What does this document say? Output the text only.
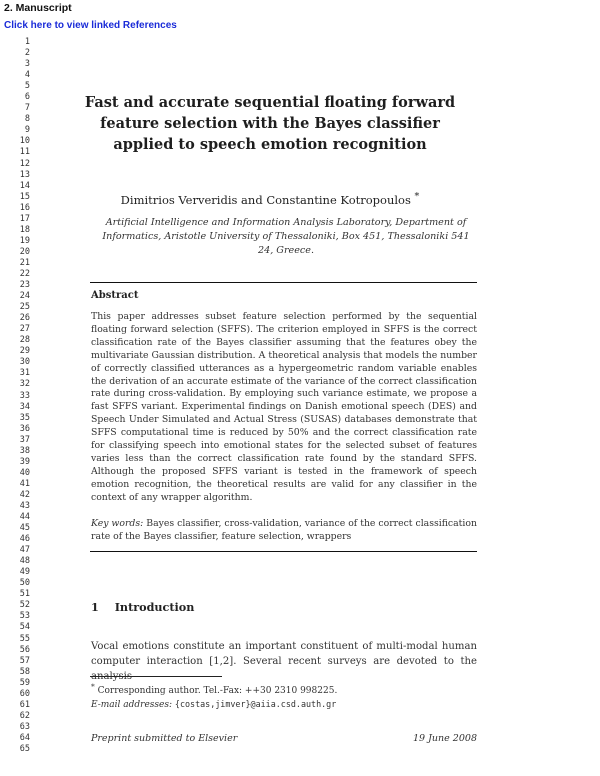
2. Manuscript
Click here to view linked References
1
2
3
4
5
6
7
8
9
10
11
12
13
14
15
16
17
18
19
20
21
22
23
24
25
26
27
28
29
30
31
32
33
34
35
36
37
38
39
40
41
42
43
44
45
46
47
48
49
50
51
52
53
54
55
56
57
58
59
60
61
62
63
64
65
Fast and accurate sequential floating forward
feature selection with the Bayes classifier
applied to speech emotion recognition
Dimitrios Ververidis and Constantine Kotropoulos *
Artificial Intelligence and Information Analysis Laboratory, Department of Informatics, Aristotle University of Thessaloniki, Box 451, Thessaloniki 541 24, Greece.
Abstract
This paper addresses subset feature selection performed by the sequential floating forward selection (SFFS). The criterion employed in SFFS is the correct classification rate of the Bayes classifier assuming that the features obey the multivariate Gaussian distribution. A theoretical analysis that models the number of correctly classified utterances as a hypergeometric random variable enables the derivation of an accurate estimate of the variance of the correct classification rate during cross-validation. By employing such variance estimate, we propose a fast SFFS variant. Experimental findings on Danish emotional speech (DES) and Speech Under Simulated and Actual Stress (SUSAS) databases demonstrate that SFFS computational time is reduced by 50% and the correct classification rate for classifying speech into emotional states for the selected subset of features varies less than the correct classification rate found by the standard SFFS. Although the proposed SFFS variant is tested in the framework of speech emotion recognition, the theoretical results are valid for any classifier in the context of any wrapper algorithm.
Key words: Bayes classifier, cross-validation, variance of the correct classification rate of the Bayes classifier, feature selection, wrappers
1 Introduction
Vocal emotions constitute an important constituent of multi-modal human computer interaction [1,2]. Several recent surveys are devoted to the analysis
* Corresponding author. Tel.-Fax: ++30 2310 998225.
E-mail addresses: {costas,jimver}@aiia.csd.auth.gr
Preprint submitted to Elsevier	19 June 2008
